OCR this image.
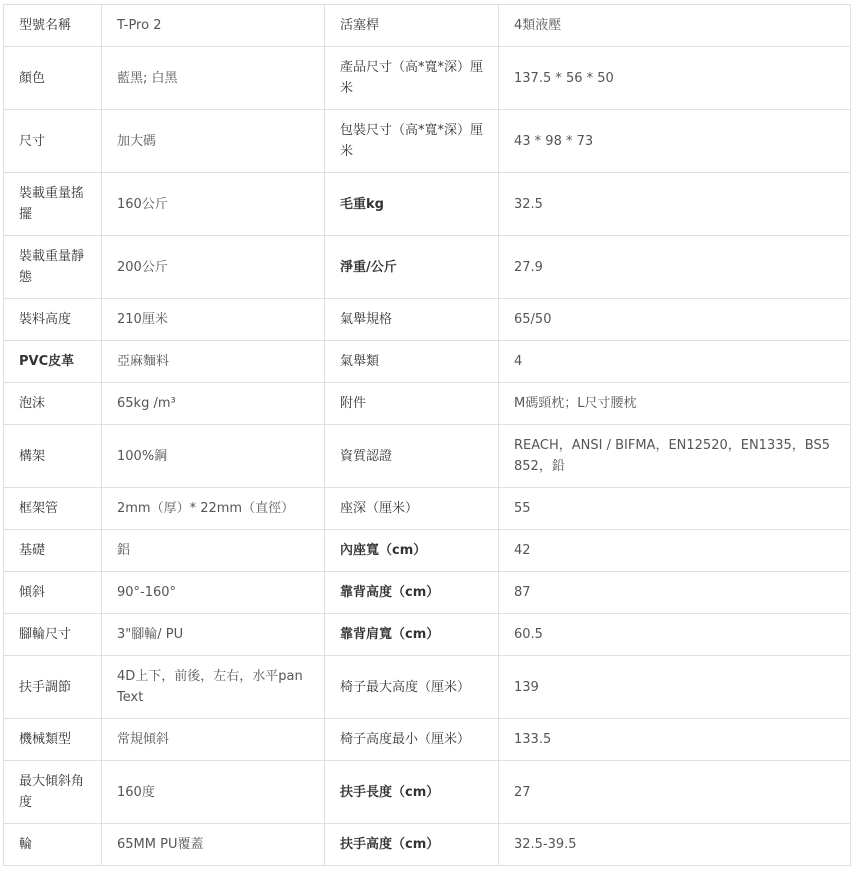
型號名稱	T-Pro 2	活塞桿	4類液壓
顏色	藍黑; 白黑	產品尺寸（高*寬*深）厘米	137.5 * 56 * 50
尺寸	加大碼	包裝尺寸（高*寬*深）厘米	43 * 98 * 73
裝載重量搖擺	160公斤	毛重kg	32.5
裝載重量靜態	200公斤	淨重/公斤	27.9
裝料高度	210厘米	氣舉規格	65/50
PVC皮革	亞麻麵料	氣舉類	4
泡沫	65kg /m³	附件	M碼頸枕；L尺寸腰枕
構架	100%鋼	資質認證	REACH，ANSI / BIFMA，EN12520，EN1335，BS5852，鉛
框架管	2mm（厚）* 22mm（直徑）	座深（厘米）	55
基礎	鋁	內座寬（cm）	42
傾斜	90°-160°	靠背高度（cm）	87
腳輪尺寸	3"腳輪/ PU	靠背肩寬（cm）	60.5
扶手調節	4D上下，前後，左右，水平panText	椅子最大高度（厘米）	139
機械類型	常規傾斜	椅子高度最小（厘米）	133.5
最大傾斜角度	160度	扶手長度（cm）	27
輪	65MM PU覆蓋	扶手高度（cm）	32.5-39.5
